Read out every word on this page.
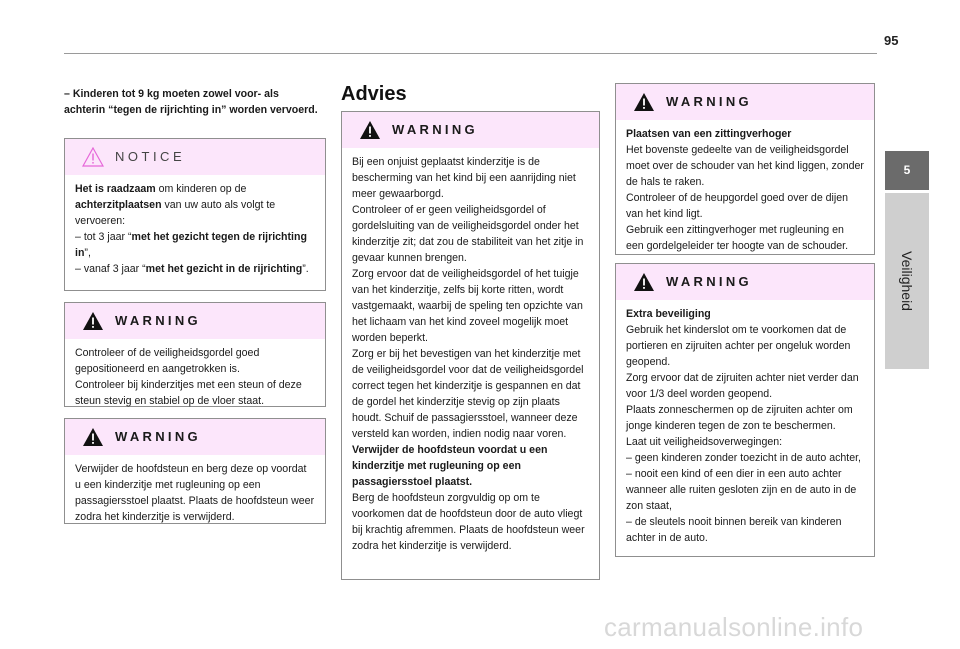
95
5
Veiligheid
– Kinderen tot 9 kg moeten zowel voor- als achterin “tegen de rijrichting in” worden vervoerd.
NOTICE
Het is raadzaam om kinderen op de achterzitplaatsen van uw auto als volgt te vervoeren:
– tot 3 jaar “met het gezicht tegen de rijrichting in”,
– vanaf 3 jaar “met het gezicht in de rijrichting”.
WARNING
Controleer of de veiligheidsgordel goed gepositioneerd en aangetrokken is.
Controleer bij kinderzitjes met een steun of deze steun stevig en stabiel op de vloer staat.
WARNING
Verwijder de hoofdsteun en berg deze op voordat u een kinderzitje met rugleuning op een passagiersstoel plaatst. Plaats de hoofdsteun weer zodra het kinderzitje is verwijderd.
Advies
WARNING
Bij een onjuist geplaatst kinderzitje is de bescherming van het kind bij een aanrijding niet meer gewaarborgd.
Controleer of er geen veiligheidsgordel of gordelsluiting van de veiligheidsgordel onder het kinderzitje zit; dat zou de stabiliteit van het zitje in gevaar kunnen brengen.
Zorg ervoor dat de veiligheidsgordel of het tuigje van het kinderzitje, zelfs bij korte ritten, wordt vastgemaakt, waarbij de speling ten opzichte van het lichaam van het kind zoveel mogelijk moet worden beperkt.
Zorg er bij het bevestigen van het kinderzitje met de veiligheidsgordel voor dat de veiligheidsgordel correct tegen het kinderzitje is gespannen en dat de gordel het kinderzitje stevig op zijn plaats houdt. Schuif de passagiersstoel, wanneer deze versteld kan worden, indien nodig naar voren.
Verwijder de hoofdsteun voordat u een kinderzitje met rugleuning op een passagiersstoel plaatst.
Berg de hoofdsteun zorgvuldig op om te voorkomen dat de hoofdsteun door de auto vliegt bij krachtig afremmen. Plaats de hoofdsteun weer zodra het kinderzitje is verwijderd.
WARNING
Plaatsen van een zittingverhoger
Het bovenste gedeelte van de veiligheidsgordel moet over de schouder van het kind liggen, zonder de hals te raken.
Controleer of de heupgordel goed over de dijen van het kind ligt.
Gebruik een zittingverhoger met rugleuning en een gordelgeleider ter hoogte van de schouder.
WARNING
Extra beveiliging
Gebruik het kinderslot om te voorkomen dat de portieren en zijruiten achter per ongeluk worden geopend.
Zorg ervoor dat de zijruiten achter niet verder dan voor 1/3 deel worden geopend.
Plaats zonneschermen op de zijruiten achter om jonge kinderen tegen de zon te beschermen.
Laat uit veiligheidsoverwegingen:
– geen kinderen zonder toezicht in de auto achter,
– nooit een kind of een dier in een auto achter wanneer alle ruiten gesloten zijn en de auto in de zon staat,
– de sleutels nooit binnen bereik van kinderen achter in de auto.
carmanualsonline.info
